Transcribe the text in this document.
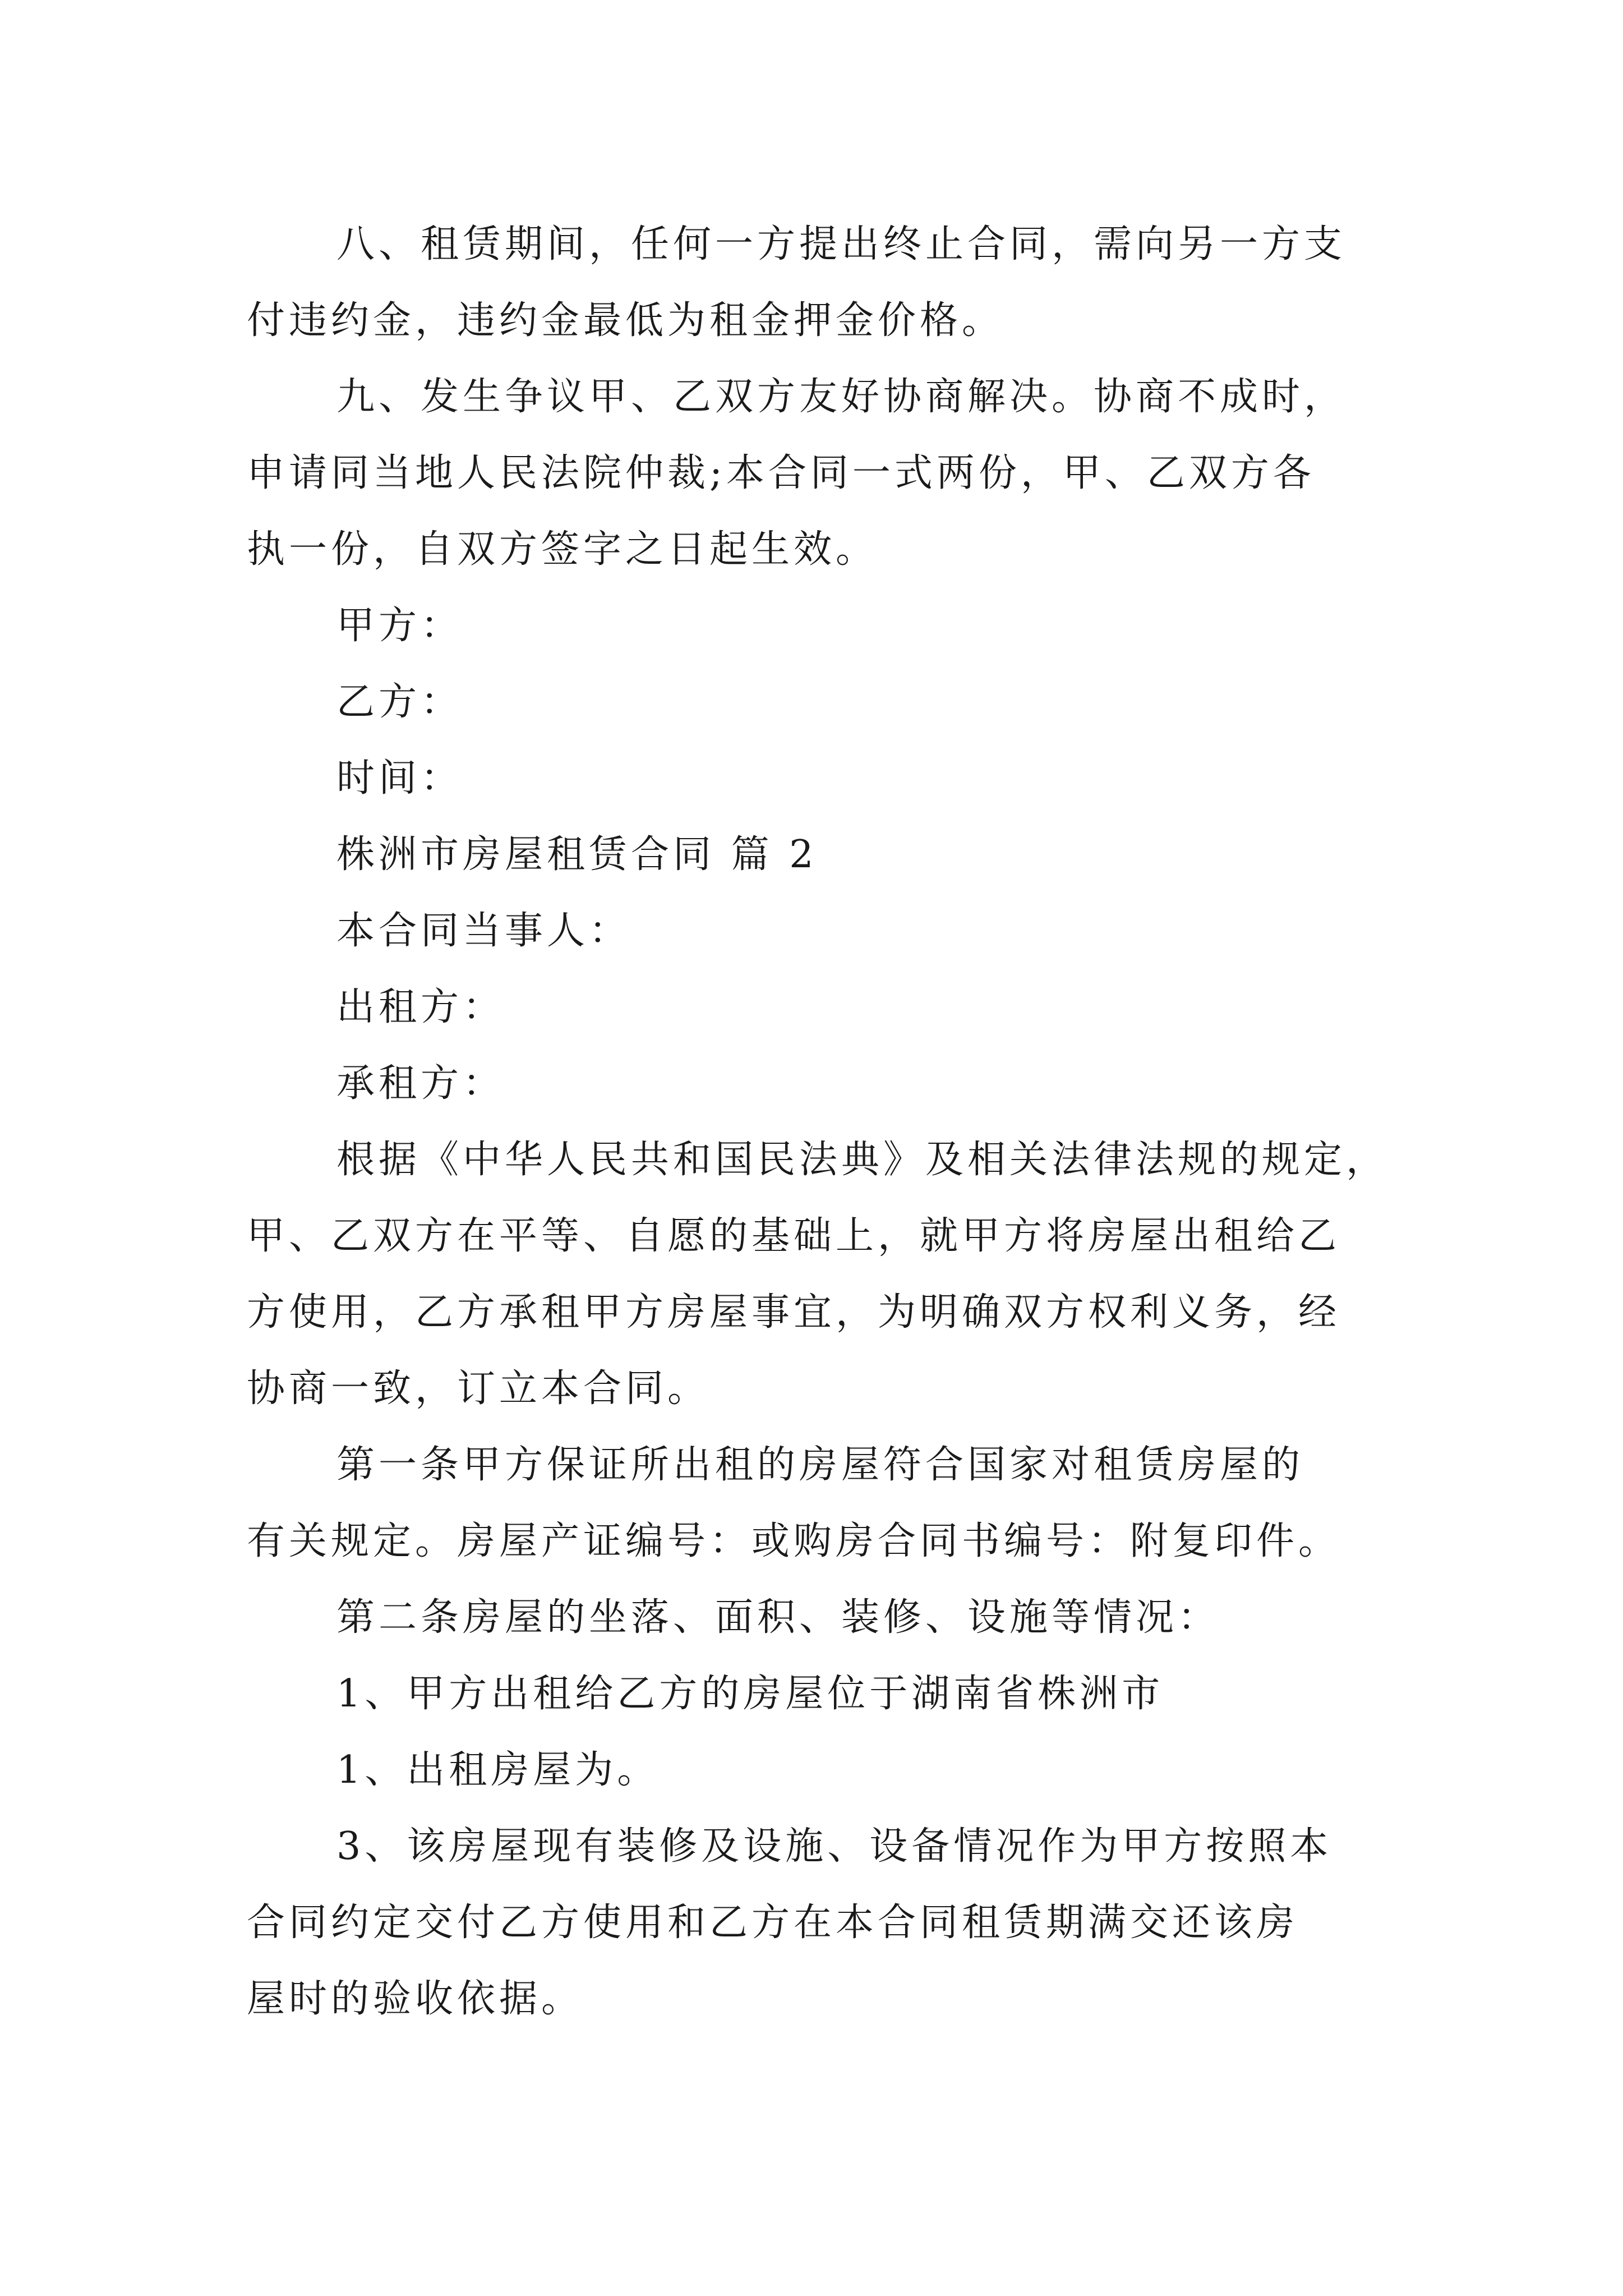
八、租赁期间，任何一方提出终止合同，需向另一方支
付违约金，违约金最低为租金押金价格。
九、发生争议甲、乙双方友好协商解决。协商不成时，
申请同当地人民法院仲裁;本合同一式两份，甲、乙双方各
执一份，自双方签字之日起生效。
甲方：
乙方：
时间：
株洲市房屋租赁合同 篇 2
本合同当事人：
出租方：
承租方：
根据《中华人民共和国民法典》及相关法律法规的规定，
甲、乙双方在平等、自愿的基础上，就甲方将房屋出租给乙
方使用，乙方承租甲方房屋事宜，为明确双方权利义务，经
协商一致，订立本合同。
第一条甲方保证所出租的房屋符合国家对租赁房屋的
有关规定。房屋产证编号：或购房合同书编号：附复印件。
第二条房屋的坐落、面积、装修、设施等情况：
1、甲方出租给乙方的房屋位于湖南省株洲市
1、出租房屋为。
3、该房屋现有装修及设施、设备情况作为甲方按照本
合同约定交付乙方使用和乙方在本合同租赁期满交还该房
屋时的验收依据。
